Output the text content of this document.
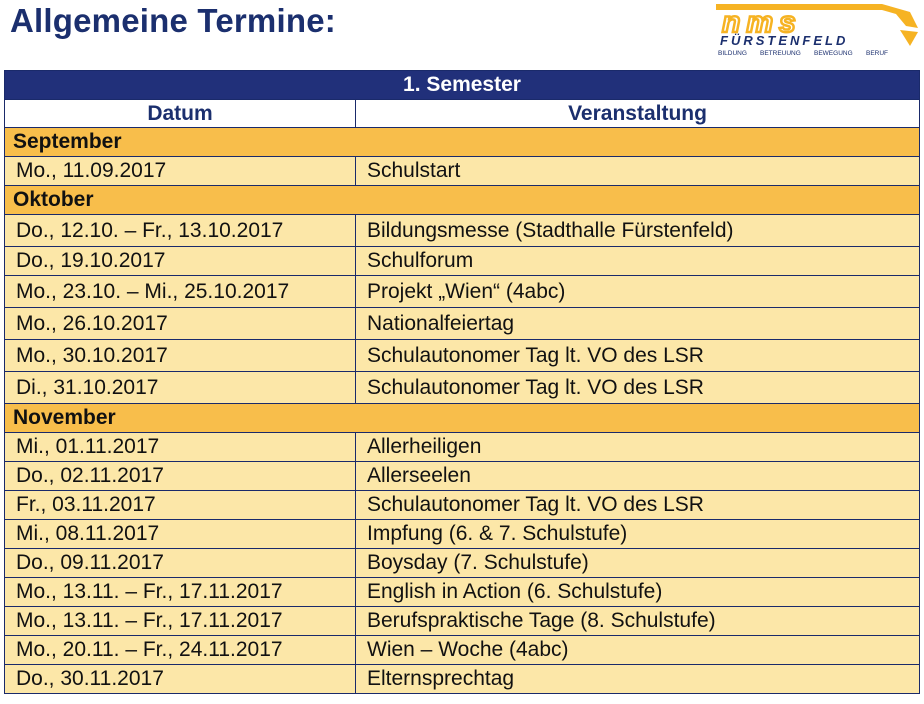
Allgemeine Termine:	nms
FÜRSTENFELD
BILDUNG BETREUUNG BEWEGUNG BERUF
1. Semester	
Datum	Veranstaltung
September	
Mo., 11.09.2017	Schulstart
Oktober	
Do., 12.10. – Fr., 13.10.2017	Bildungsmesse (Stadthalle Fürstenfeld)
Do., 19.10.2017	Schulforum
Mo., 23.10. – Mi., 25.10.2017	Projekt „Wien“ (4abc)
Mo., 26.10.2017	Nationalfeiertag
Mo., 30.10.2017	Schulautonomer Tag lt. VO des LSR
Di., 31.10.2017	Schulautonomer Tag lt. VO des LSR
November	
Mi., 01.11.2017	Allerheiligen
Do., 02.11.2017	Allerseelen
Fr., 03.11.2017	Schulautonomer Tag lt. VO des LSR
Mi., 08.11.2017	Impfung (6. & 7. Schulstufe)
Do., 09.11.2017	Boysday (7. Schulstufe)
Mo., 13.11. – Fr., 17.11.2017	English in Action (6. Schulstufe)
Mo., 13.11. – Fr., 17.11.2017	Berufspraktische Tage (8. Schulstufe)
Mo., 20.11. – Fr., 24.11.2017	Wien – Woche (4abc)
Do., 30.11.2017	Elternsprechtag
